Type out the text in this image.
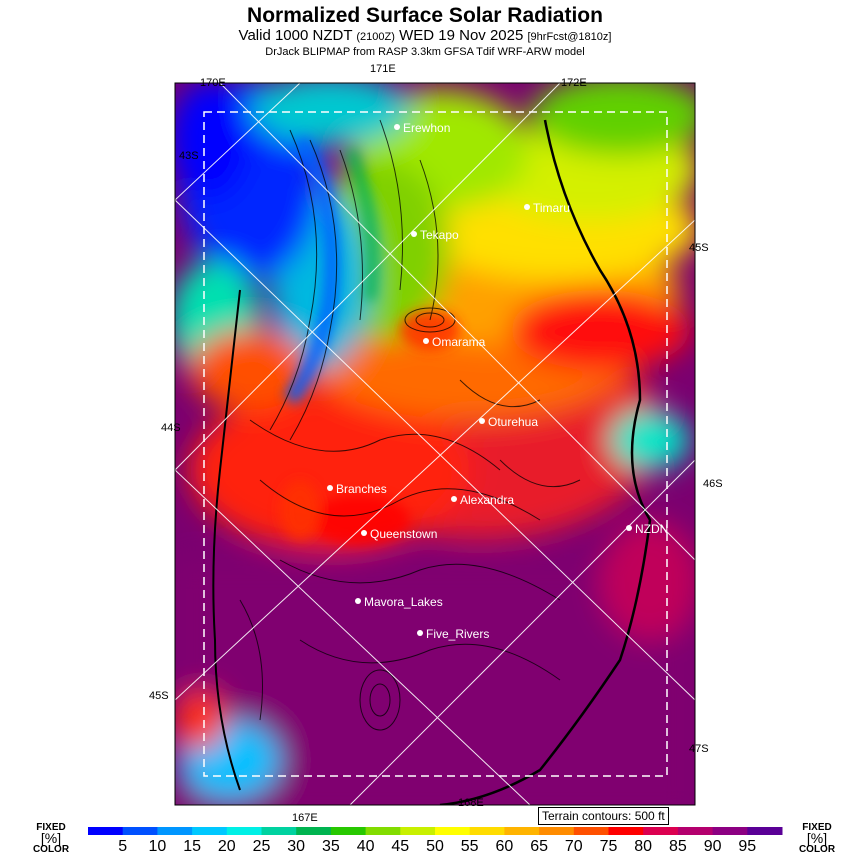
Normalized Surface Solar Radiation
Valid 1000 NZDT (2100Z) WED 19 Nov 2025 [9hrFcst@1810z]
DrJack BLIPMAP from RASP 3.3km GFSA Tdif WRF-ARW model
Erewhon
Timaru
Tekapo
Omarama
Oturehua
Branches
Alexandra
NZDN
Queenstown
Mavora_Lakes
Five_Rivers
170E
171E
172E
167E
168E
43S
44S
45S
45S
46S
47S
Terrain contours: 500 ft
FIXED
[%]
COLOR
FIXED
[%]
COLOR
5	10	15	20	25	30	35	40	45	50	55	60	65	70	75	80	85	90	95
